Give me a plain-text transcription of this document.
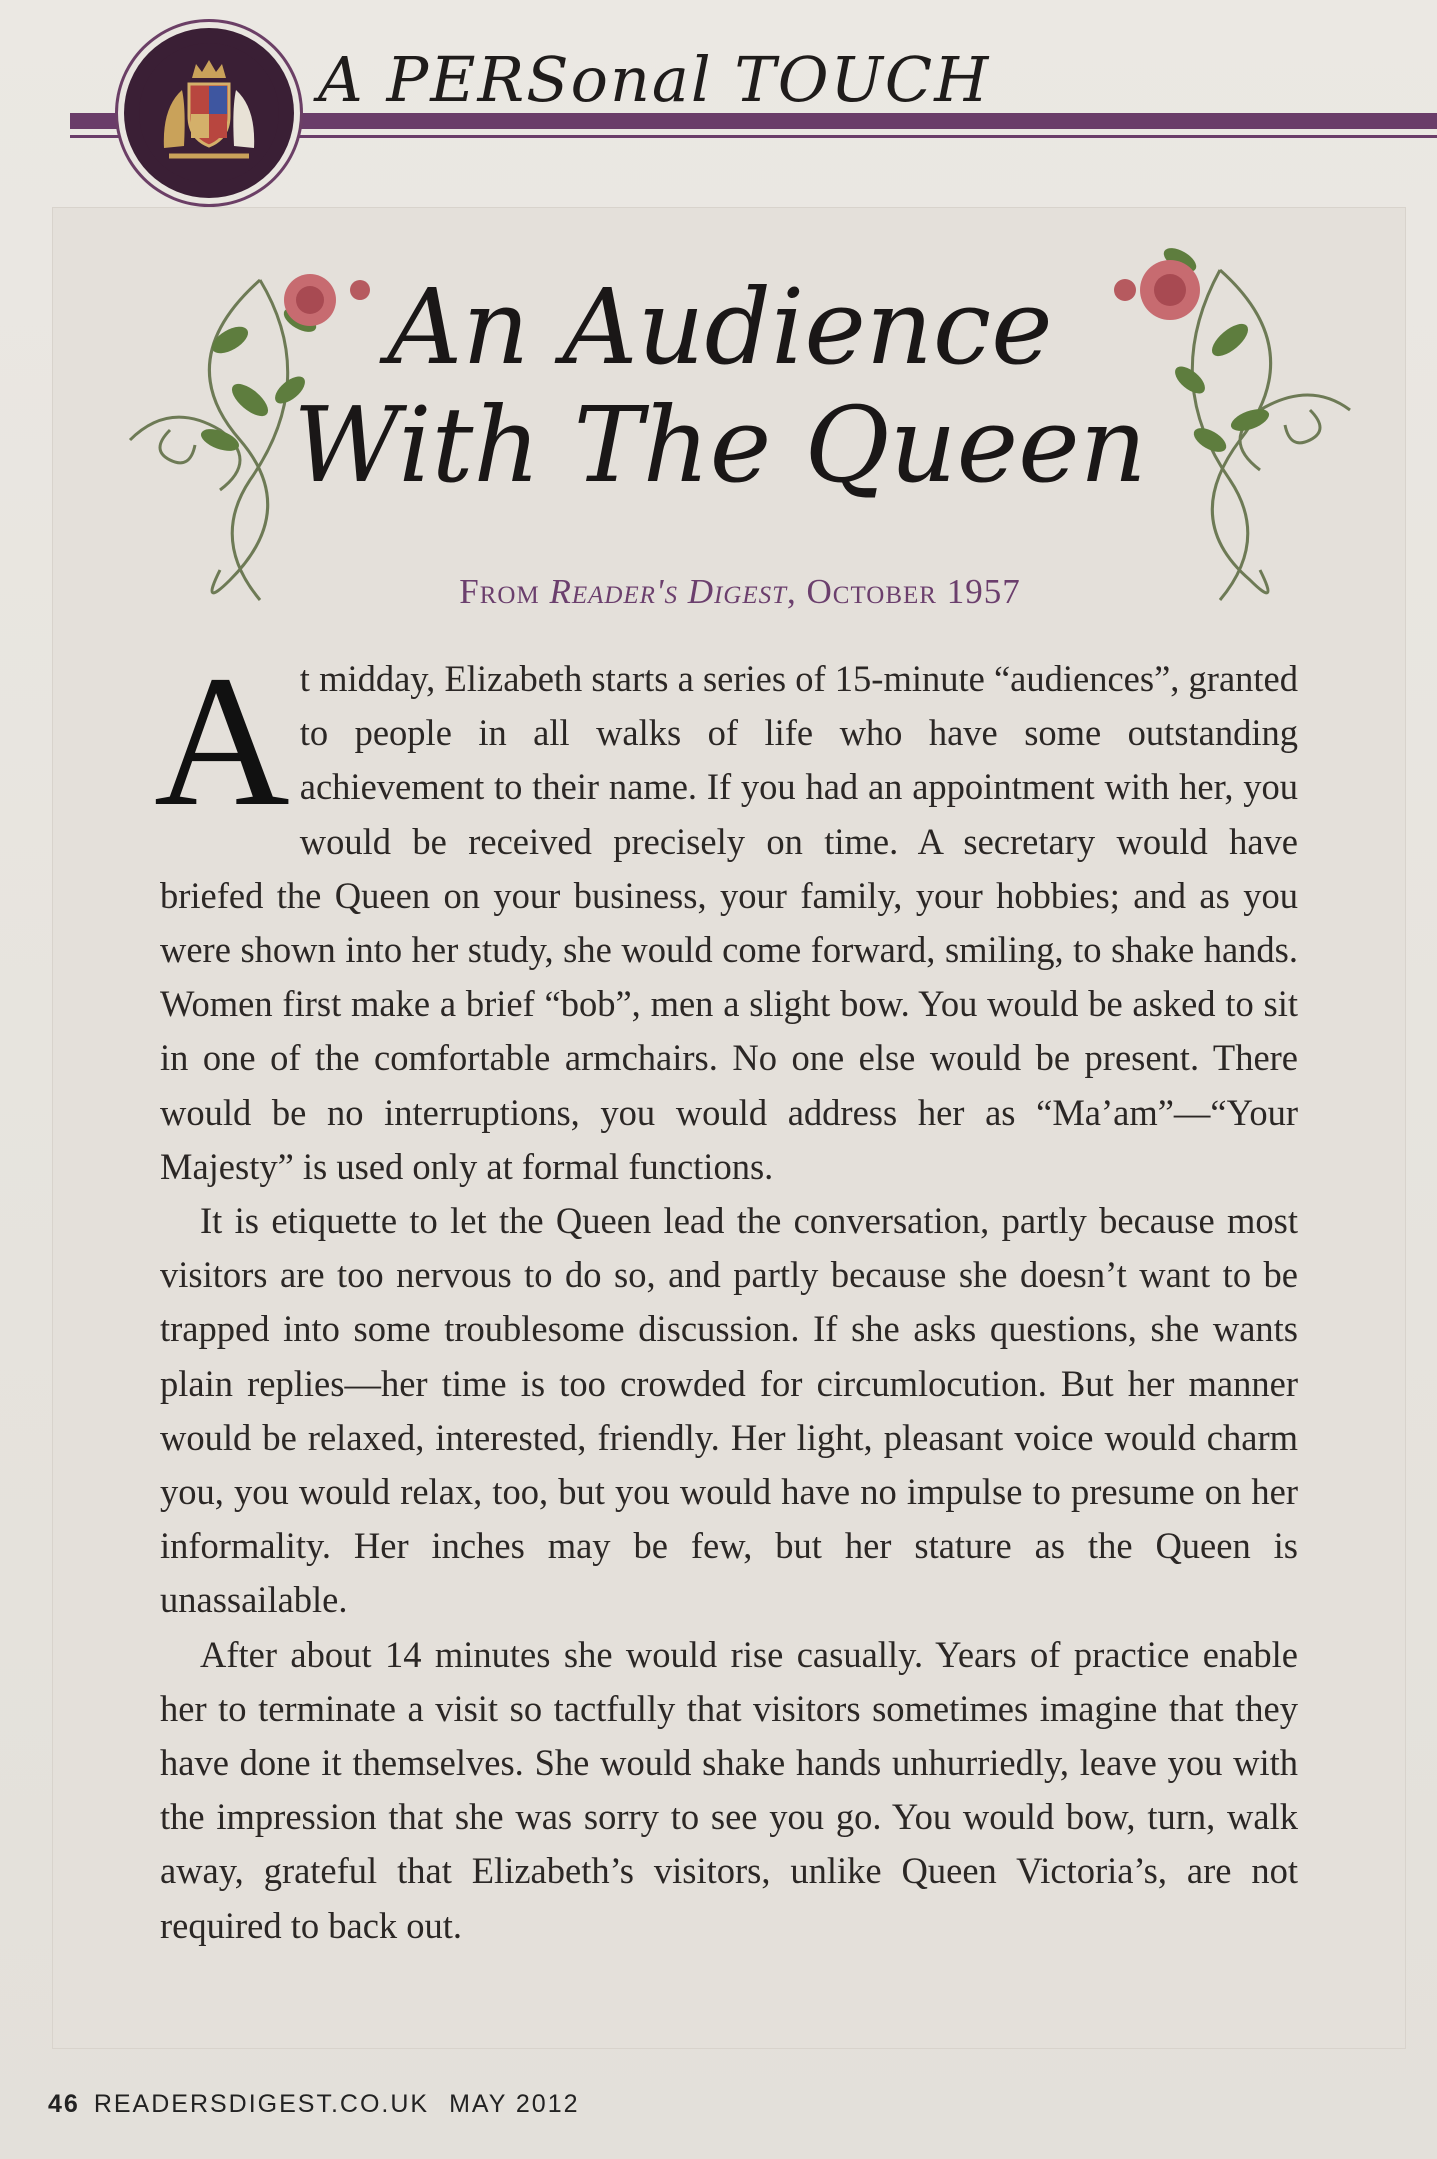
A PERSonal TOUCH
An Audience
With The Queen
From Reader's Digest, October 1957

At midday, Elizabeth starts a series of 15-minute “audiences”, granted to people in all walks of life who have some outstanding achievement to their name. If you had an appointment with her, you would be received precisely on time. A secretary would have briefed the Queen on your business, your family, your hobbies; and as you were shown into her study, she would come forward, smiling, to shake hands. Women first make a brief “bob”, men a slight bow. You would be asked to sit in one of the comfortable armchairs. No one else would be present. There would be no interruptions, you would address her as “Ma’am”—“Your Majesty” is used only at formal functions.

It is etiquette to let the Queen lead the conversation, partly because most visitors are too nervous to do so, and partly because she doesn’t want to be trapped into some troublesome discussion. If she asks questions, she wants plain replies—her time is too crowded for circumlocution. But her manner would be relaxed, interested, friendly. Her light, pleasant voice would charm you, you would relax, too, but you would have no impulse to presume on her informality. Her inches may be few, but her stature as the Queen is unassailable.

After about 14 minutes she would rise casually. Years of practice enable her to terminate a visit so tactfully that visitors sometimes imagine that they have done it themselves. She would shake hands unhurriedly, leave you with the impression that she was sorry to see you go. You would bow, turn, walk away, grateful that Elizabeth’s visitors, unlike Queen Victoria’s, are not required to back out.

46 READERSDIGEST.CO.UK MAY 2012
